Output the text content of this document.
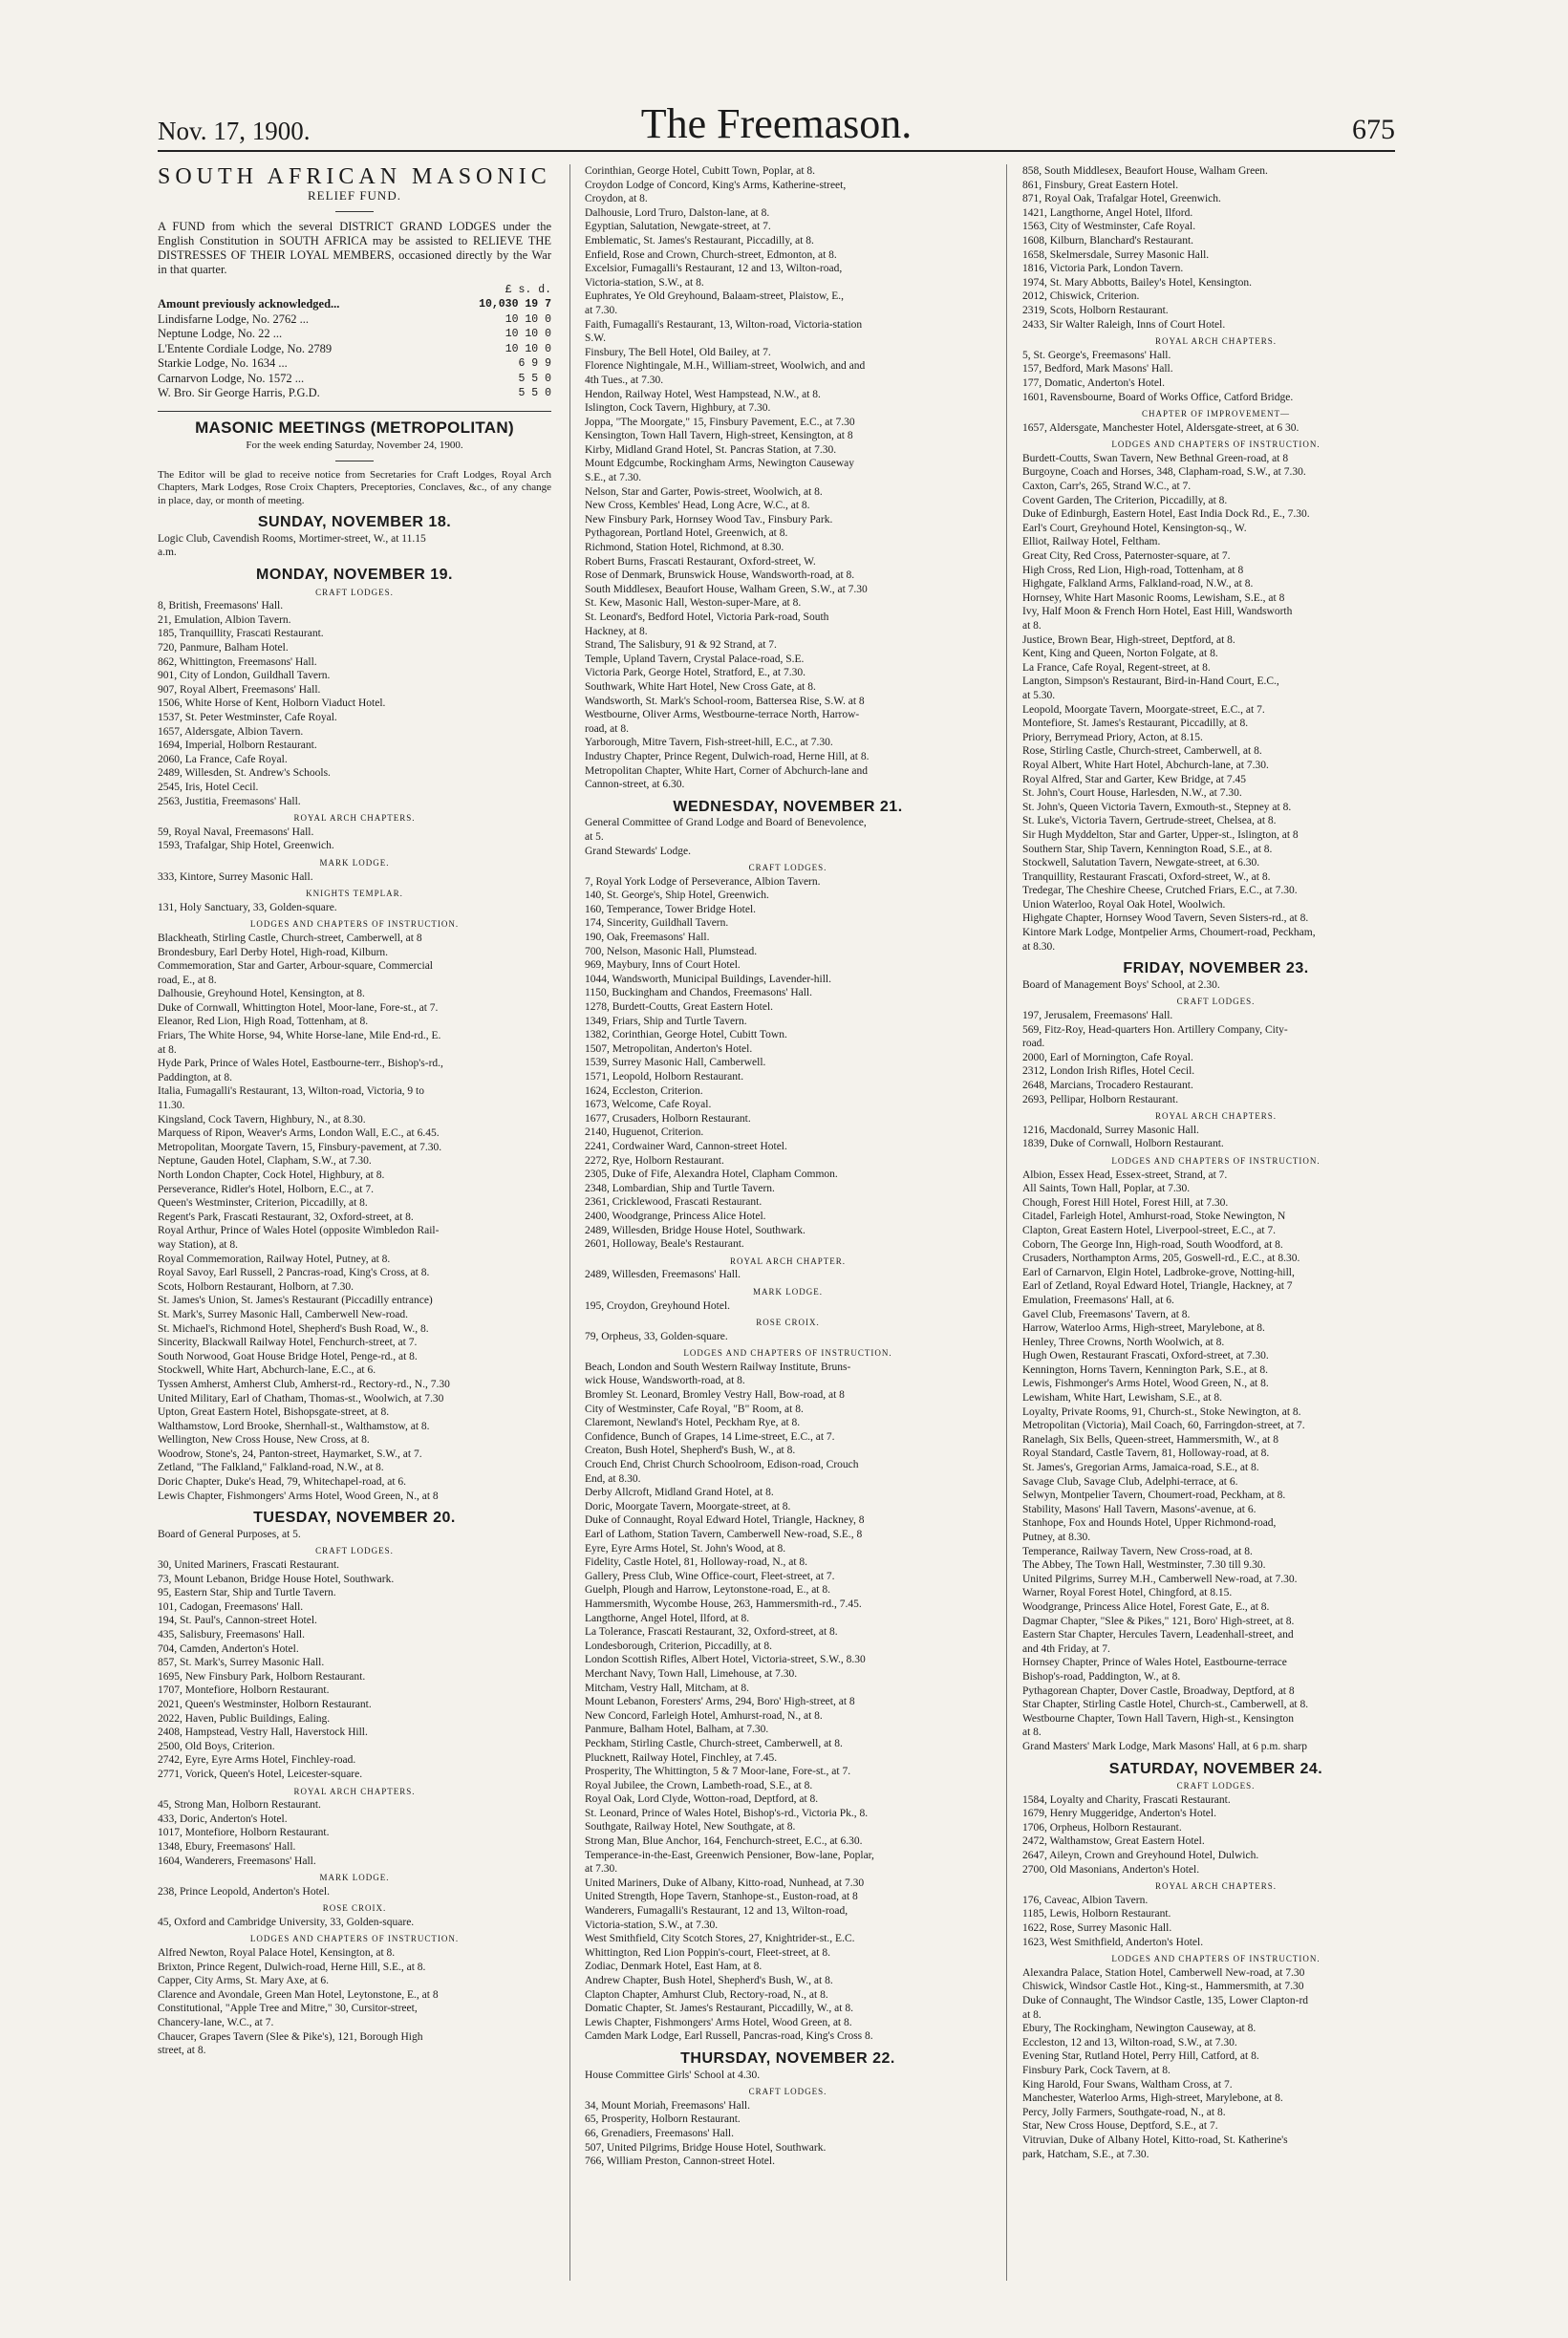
Nov. 17, 1900.	The Freemason.	675
SOUTH AFRICAN MASONIC
RELIEF FUND.
A FUND from which the several DISTRICT GRAND LODGES under the English Constitution in SOUTH AFRICA may be assisted to RELIEVE THE DISTRESSES OF THEIR LOYAL MEMBERS, occasioned directly by the War in that quarter.
£ s. d.
Amount previously acknowledged...	10,030 19 7
Lindisfarne Lodge, No. 2762 ...	10 10 0
Neptune Lodge, No. 22 ...	10 10 0
L'Entente Cordiale Lodge, No. 2789	10 10 0
Starkie Lodge, No. 1634 ...	6 9 9
Carnarvon Lodge, No. 1572 ...	5 5 0
W. Bro. Sir George Harris, P.G.D.	5 5 0
MASONIC MEETINGS (METROPOLITAN)
For the week ending Saturday, November 24, 1900.
The Editor will be glad to receive notice from Secretaries for Craft Lodges, Royal Arch Chapters, Mark Lodges, Rose Croix Chapters, Preceptories, Conclaves, &c., of any change in place, day, or month of meeting.
SUNDAY, NOVEMBER 18.
Logic Club, Cavendish Rooms, Mortimer-street, W., at 11.15
a.m.
MONDAY, NOVEMBER 19.
CRAFT LODGES.
8, British, Freemasons' Hall.
21, Emulation, Albion Tavern.
185, Tranquillity, Frascati Restaurant.
720, Panmure, Balham Hotel.
862, Whittington, Freemasons' Hall.
901, City of London, Guildhall Tavern.
907, Royal Albert, Freemasons' Hall.
1506, White Horse of Kent, Holborn Viaduct Hotel.
1537, St. Peter Westminster, Cafe Royal.
1657, Aldersgate, Albion Tavern.
1694, Imperial, Holborn Restaurant.
2060, La France, Cafe Royal.
2489, Willesden, St. Andrew's Schools.
2545, Iris, Hotel Cecil.
2563, Justitia, Freemasons' Hall.
ROYAL ARCH CHAPTERS.
59, Royal Naval, Freemasons' Hall.
1593, Trafalgar, Ship Hotel, Greenwich.
MARK LODGE.
333, Kintore, Surrey Masonic Hall.
KNIGHTS TEMPLAR.
131, Holy Sanctuary, 33, Golden-square.
LODGES AND CHAPTERS OF INSTRUCTION.
Blackheath, Stirling Castle, Church-street, Camberwell, at 8
Brondesbury, Earl Derby Hotel, High-road, Kilburn.
Commemoration, Star and Garter, Arbour-square, Commercial
road, E., at 8.
Dalhousie, Greyhound Hotel, Kensington, at 8.
Duke of Cornwall, Whittington Hotel, Moor-lane, Fore-st., at 7.
Eleanor, Red Lion, High Road, Tottenham, at 8.
Friars, The White Horse, 94, White Horse-lane, Mile End-rd., E.
at 8.
Hyde Park, Prince of Wales Hotel, Eastbourne-terr., Bishop's-rd.,
Paddington, at 8.
Italia, Fumagalli's Restaurant, 13, Wilton-road, Victoria, 9 to
11.30.
Kingsland, Cock Tavern, Highbury, N., at 8.30.
Marquess of Ripon, Weaver's Arms, London Wall, E.C., at 6.45.
Metropolitan, Moorgate Tavern, 15, Finsbury-pavement, at 7.30.
Neptune, Gauden Hotel, Clapham, S.W., at 7.30.
North London Chapter, Cock Hotel, Highbury, at 8.
Perseverance, Ridler's Hotel, Holborn, E.C., at 7.
Queen's Westminster, Criterion, Piccadilly, at 8.
Regent's Park, Frascati Restaurant, 32, Oxford-street, at 8.
Royal Arthur, Prince of Wales Hotel (opposite Wimbledon Rail-
way Station), at 8.
Royal Commemoration, Railway Hotel, Putney, at 8.
Royal Savoy, Earl Russell, 2 Pancras-road, King's Cross, at 8.
Scots, Holborn Restaurant, Holborn, at 7.30.
St. James's Union, St. James's Restaurant (Piccadilly entrance)
St. Mark's, Surrey Masonic Hall, Camberwell New-road.
St. Michael's, Richmond Hotel, Shepherd's Bush Road, W., 8.
Sincerity, Blackwall Railway Hotel, Fenchurch-street, at 7.
South Norwood, Goat House Bridge Hotel, Penge-rd., at 8.
Stockwell, White Hart, Abchurch-lane, E.C., at 6.
Tyssen Amherst, Amherst Club, Amherst-rd., Rectory-rd., N., 7.30
United Military, Earl of Chatham, Thomas-st., Woolwich, at 7.30
Upton, Great Eastern Hotel, Bishopsgate-street, at 8.
Walthamstow, Lord Brooke, Shernhall-st., Walthamstow, at 8.
Wellington, New Cross House, New Cross, at 8.
Woodrow, Stone's, 24, Panton-street, Haymarket, S.W., at 7.
Zetland, "The Falkland," Falkland-road, N.W., at 8.
Doric Chapter, Duke's Head, 79, Whitechapel-road, at 6.
Lewis Chapter, Fishmongers' Arms Hotel, Wood Green, N., at 8
TUESDAY, NOVEMBER 20.
Board of General Purposes, at 5.
CRAFT LODGES.
30, United Mariners, Frascati Restaurant.
73, Mount Lebanon, Bridge House Hotel, Southwark.
95, Eastern Star, Ship and Turtle Tavern.
101, Cadogan, Freemasons' Hall.
194, St. Paul's, Cannon-street Hotel.
435, Salisbury, Freemasons' Hall.
704, Camden, Anderton's Hotel.
857, St. Mark's, Surrey Masonic Hall.
1695, New Finsbury Park, Holborn Restaurant.
1707, Montefiore, Holborn Restaurant.
2021, Queen's Westminster, Holborn Restaurant.
2022, Haven, Public Buildings, Ealing.
2408, Hampstead, Vestry Hall, Haverstock Hill.
2500, Old Boys, Criterion.
2742, Eyre, Eyre Arms Hotel, Finchley-road.
2771, Vorick, Queen's Hotel, Leicester-square.
ROYAL ARCH CHAPTERS.
45, Strong Man, Holborn Restaurant.
433, Doric, Anderton's Hotel.
1017, Montefiore, Holborn Restaurant.
1348, Ebury, Freemasons' Hall.
1604, Wanderers, Freemasons' Hall.
MARK LODGE.
238, Prince Leopold, Anderton's Hotel.
ROSE CROIX.
45, Oxford and Cambridge University, 33, Golden-square.
LODGES AND CHAPTERS OF INSTRUCTION.
Alfred Newton, Royal Palace Hotel, Kensington, at 8.
Brixton, Prince Regent, Dulwich-road, Herne Hill, S.E., at 8.
Capper, City Arms, St. Mary Axe, at 6.
Clarence and Avondale, Green Man Hotel, Leytonstone, E., at 8
Constitutional, "Apple Tree and Mitre," 30, Cursitor-street,
Chancery-lane, W.C., at 7.
Chaucer, Grapes Tavern (Slee & Pike's), 121, Borough High
street, at 8.
Corinthian, George Hotel, Cubitt Town, Poplar, at 8.
Croydon Lodge of Concord, King's Arms, Katherine-street,
Croydon, at 8.
Dalhousie, Lord Truro, Dalston-lane, at 8.
Egyptian, Salutation, Newgate-street, at 7.
Emblematic, St. James's Restaurant, Piccadilly, at 8.
Enfield, Rose and Crown, Church-street, Edmonton, at 8.
Excelsior, Fumagalli's Restaurant, 12 and 13, Wilton-road,
Victoria-station, S.W., at 8.
Euphrates, Ye Old Greyhound, Balaam-street, Plaistow, E.,
at 7.30.
Faith, Fumagalli's Restaurant, 13, Wilton-road, Victoria-station
S.W.
Finsbury, The Bell Hotel, Old Bailey, at 7.
Florence Nightingale, M.H., William-street, Woolwich, and and
4th Tues., at 7.30.
Hendon, Railway Hotel, West Hampstead, N.W., at 8.
Islington, Cock Tavern, Highbury, at 7.30.
Joppa, "The Moorgate," 15, Finsbury Pavement, E.C., at 7.30
Kensington, Town Hall Tavern, High-street, Kensington, at 8
Kirby, Midland Grand Hotel, St. Pancras Station, at 7.30.
Mount Edgcumbe, Rockingham Arms, Newington Causeway
S.E., at 7.30.
Nelson, Star and Garter, Powis-street, Woolwich, at 8.
New Cross, Kembles' Head, Long Acre, W.C., at 8.
New Finsbury Park, Hornsey Wood Tav., Finsbury Park.
Pythagorean, Portland Hotel, Greenwich, at 8.
Richmond, Station Hotel, Richmond, at 8.30.
Robert Burns, Frascati Restaurant, Oxford-street, W.
Rose of Denmark, Brunswick House, Wandsworth-road, at 8.
South Middlesex, Beaufort House, Walham Green, S.W., at 7.30
St. Kew, Masonic Hall, Weston-super-Mare, at 8.
St. Leonard's, Bedford Hotel, Victoria Park-road, South
Hackney, at 8.
Strand, The Salisbury, 91 & 92 Strand, at 7.
Temple, Upland Tavern, Crystal Palace-road, S.E.
Victoria Park, George Hotel, Stratford, E., at 7.30.
Southwark, White Hart Hotel, New Cross Gate, at 8.
Wandsworth, St. Mark's School-room, Battersea Rise, S.W. at 8
Westbourne, Oliver Arms, Westbourne-terrace North, Harrow-
road, at 8.
Yarborough, Mitre Tavern, Fish-street-hill, E.C., at 7.30.
Industry Chapter, Prince Regent, Dulwich-road, Herne Hill, at 8.
Metropolitan Chapter, White Hart, Corner of Abchurch-lane and
Cannon-street, at 6.30.
WEDNESDAY, NOVEMBER 21.
General Committee of Grand Lodge and Board of Benevolence,
at 5.
Grand Stewards' Lodge.
CRAFT LODGES.
7, Royal York Lodge of Perseverance, Albion Tavern.
140, St. George's, Ship Hotel, Greenwich.
160, Temperance, Tower Bridge Hotel.
174, Sincerity, Guildhall Tavern.
190, Oak, Freemasons' Hall.
700, Nelson, Masonic Hall, Plumstead.
969, Maybury, Inns of Court Hotel.
1044, Wandsworth, Municipal Buildings, Lavender-hill.
1150, Buckingham and Chandos, Freemasons' Hall.
1278, Burdett-Coutts, Great Eastern Hotel.
1349, Friars, Ship and Turtle Tavern.
1382, Corinthian, George Hotel, Cubitt Town.
1507, Metropolitan, Anderton's Hotel.
1539, Surrey Masonic Hall, Camberwell.
1571, Leopold, Holborn Restaurant.
1624, Eccleston, Criterion.
1673, Welcome, Cafe Royal.
1677, Crusaders, Holborn Restaurant.
2140, Huguenot, Criterion.
2241, Cordwainer Ward, Cannon-street Hotel.
2272, Rye, Holborn Restaurant.
2305, Duke of Fife, Alexandra Hotel, Clapham Common.
2348, Lombardian, Ship and Turtle Tavern.
2361, Cricklewood, Frascati Restaurant.
2400, Woodgrange, Princess Alice Hotel.
2489, Willesden, Bridge House Hotel, Southwark.
2601, Holloway, Beale's Restaurant.
ROYAL ARCH CHAPTER.
2489, Willesden, Freemasons' Hall.
MARK LODGE.
195, Croydon, Greyhound Hotel.
ROSE CROIX.
79, Orpheus, 33, Golden-square.
LODGES AND CHAPTERS OF INSTRUCTION.
Beach, London and South Western Railway Institute, Bruns-
wick House, Wandsworth-road, at 8.
Bromley St. Leonard, Bromley Vestry Hall, Bow-road, at 8
City of Westminster, Cafe Royal, "B" Room, at 8.
Claremont, Newland's Hotel, Peckham Rye, at 8.
Confidence, Bunch of Grapes, 14 Lime-street, E.C., at 7.
Creaton, Bush Hotel, Shepherd's Bush, W., at 8.
Crouch End, Christ Church Schoolroom, Edison-road, Crouch
End, at 8.30.
Derby Allcroft, Midland Grand Hotel, at 8.
Doric, Moorgate Tavern, Moorgate-street, at 8.
Duke of Connaught, Royal Edward Hotel, Triangle, Hackney, 8
Earl of Lathom, Station Tavern, Camberwell New-road, S.E., 8
Eyre, Eyre Arms Hotel, St. John's Wood, at 8.
Fidelity, Castle Hotel, 81, Holloway-road, N., at 8.
Gallery, Press Club, Wine Office-court, Fleet-street, at 7.
Guelph, Plough and Harrow, Leytonstone-road, E., at 8.
Hammersmith, Wycombe House, 263, Hammersmith-rd., 7.45.
Langthorne, Angel Hotel, Ilford, at 8.
La Tolerance, Frascati Restaurant, 32, Oxford-street, at 8.
Londesborough, Criterion, Piccadilly, at 8.
London Scottish Rifles, Albert Hotel, Victoria-street, S.W., 8.30
Merchant Navy, Town Hall, Limehouse, at 7.30.
Mitcham, Vestry Hall, Mitcham, at 8.
Mount Lebanon, Foresters' Arms, 294, Boro' High-street, at 8
New Concord, Farleigh Hotel, Amhurst-road, N., at 8.
Panmure, Balham Hotel, Balham, at 7.30.
Peckham, Stirling Castle, Church-street, Camberwell, at 8.
Plucknett, Railway Hotel, Finchley, at 7.45.
Prosperity, The Whittington, 5 & 7 Moor-lane, Fore-st., at 7.
Royal Jubilee, the Crown, Lambeth-road, S.E., at 8.
Royal Oak, Lord Clyde, Wotton-road, Deptford, at 8.
St. Leonard, Prince of Wales Hotel, Bishop's-rd., Victoria Pk., 8.
Southgate, Railway Hotel, New Southgate, at 8.
Strong Man, Blue Anchor, 164, Fenchurch-street, E.C., at 6.30.
Temperance-in-the-East, Greenwich Pensioner, Bow-lane, Poplar,
at 7.30.
United Mariners, Duke of Albany, Kitto-road, Nunhead, at 7.30
United Strength, Hope Tavern, Stanhope-st., Euston-road, at 8
Wanderers, Fumagalli's Restaurant, 12 and 13, Wilton-road,
Victoria-station, S.W., at 7.30.
West Smithfield, City Scotch Stores, 27, Knightrider-st., E.C.
Whittington, Red Lion Poppin's-court, Fleet-street, at 8.
Zodiac, Denmark Hotel, East Ham, at 8.
Andrew Chapter, Bush Hotel, Shepherd's Bush, W., at 8.
Clapton Chapter, Amhurst Club, Rectory-road, N., at 8.
Domatic Chapter, St. James's Restaurant, Piccadilly, W., at 8.
Lewis Chapter, Fishmongers' Arms Hotel, Wood Green, at 8.
Camden Mark Lodge, Earl Russell, Pancras-road, King's Cross 8.
THURSDAY, NOVEMBER 22.
House Committee Girls' School at 4.30.
CRAFT LODGES.
34, Mount Moriah, Freemasons' Hall.
65, Prosperity, Holborn Restaurant.
66, Grenadiers, Freemasons' Hall.
507, United Pilgrims, Bridge House Hotel, Southwark.
766, William Preston, Cannon-street Hotel.
858, South Middlesex, Beaufort House, Walham Green.
861, Finsbury, Great Eastern Hotel.
871, Royal Oak, Trafalgar Hotel, Greenwich.
1421, Langthorne, Angel Hotel, Ilford.
1563, City of Westminster, Cafe Royal.
1608, Kilburn, Blanchard's Restaurant.
1658, Skelmersdale, Surrey Masonic Hall.
1816, Victoria Park, London Tavern.
1974, St. Mary Abbotts, Bailey's Hotel, Kensington.
2012, Chiswick, Criterion.
2319, Scots, Holborn Restaurant.
2433, Sir Walter Raleigh, Inns of Court Hotel.
ROYAL ARCH CHAPTERS.
5, St. George's, Freemasons' Hall.
157, Bedford, Mark Masons' Hall.
177, Domatic, Anderton's Hotel.
1601, Ravensbourne, Board of Works Office, Catford Bridge.
CHAPTER OF IMPROVEMENT—
1657, Aldersgate, Manchester Hotel, Aldersgate-street, at 6 30.
LODGES AND CHAPTERS OF INSTRUCTION.
Burdett-Coutts, Swan Tavern, New Bethnal Green-road, at 8
Burgoyne, Coach and Horses, 348, Clapham-road, S.W., at 7.30.
Caxton, Carr's, 265, Strand W.C., at 7.
Covent Garden, The Criterion, Piccadilly, at 8.
Duke of Edinburgh, Eastern Hotel, East India Dock Rd., E., 7.30.
Earl's Court, Greyhound Hotel, Kensington-sq., W.
Elliot, Railway Hotel, Feltham.
Great City, Red Cross, Paternoster-square, at 7.
High Cross, Red Lion, High-road, Tottenham, at 8
Highgate, Falkland Arms, Falkland-road, N.W., at 8.
Hornsey, White Hart Masonic Rooms, Lewisham, S.E., at 8
Ivy, Half Moon & French Horn Hotel, East Hill, Wandsworth
at 8.
Justice, Brown Bear, High-street, Deptford, at 8.
Kent, King and Queen, Norton Folgate, at 8.
La France, Cafe Royal, Regent-street, at 8.
Langton, Simpson's Restaurant, Bird-in-Hand Court, E.C.,
at 5.30.
Leopold, Moorgate Tavern, Moorgate-street, E.C., at 7.
Montefiore, St. James's Restaurant, Piccadilly, at 8.
Priory, Berrymead Priory, Acton, at 8.15.
Rose, Stirling Castle, Church-street, Camberwell, at 8.
Royal Albert, White Hart Hotel, Abchurch-lane, at 7.30.
Royal Alfred, Star and Garter, Kew Bridge, at 7.45
St. John's, Court House, Harlesden, N.W., at 7.30.
St. John's, Queen Victoria Tavern, Exmouth-st., Stepney at 8.
St. Luke's, Victoria Tavern, Gertrude-street, Chelsea, at 8.
Sir Hugh Myddelton, Star and Garter, Upper-st., Islington, at 8
Southern Star, Ship Tavern, Kennington Road, S.E., at 8.
Stockwell, Salutation Tavern, Newgate-street, at 6.30.
Tranquillity, Restaurant Frascati, Oxford-street, W., at 8.
Tredegar, The Cheshire Cheese, Crutched Friars, E.C., at 7.30.
Union Waterloo, Royal Oak Hotel, Woolwich.
Highgate Chapter, Hornsey Wood Tavern, Seven Sisters-rd., at 8.
Kintore Mark Lodge, Montpelier Arms, Choumert-road, Peckham,
at 8.30.
FRIDAY, NOVEMBER 23.
Board of Management Boys' School, at 2.30.
CRAFT LODGES.
197, Jerusalem, Freemasons' Hall.
569, Fitz-Roy, Head-quarters Hon. Artillery Company, City-
road.
2000, Earl of Mornington, Cafe Royal.
2312, London Irish Rifles, Hotel Cecil.
2648, Marcians, Trocadero Restaurant.
2693, Pellipar, Holborn Restaurant.
ROYAL ARCH CHAPTERS.
1216, Macdonald, Surrey Masonic Hall.
1839, Duke of Cornwall, Holborn Restaurant.
LODGES AND CHAPTERS OF INSTRUCTION.
Albion, Essex Head, Essex-street, Strand, at 7.
All Saints, Town Hall, Poplar, at 7.30.
Chough, Forest Hill Hotel, Forest Hill, at 7.30.
Citadel, Farleigh Hotel, Amhurst-road, Stoke Newington, N
Clapton, Great Eastern Hotel, Liverpool-street, E.C., at 7.
Coborn, The George Inn, High-road, South Woodford, at 8.
Crusaders, Northampton Arms, 205, Goswell-rd., E.C., at 8.30.
Earl of Carnarvon, Elgin Hotel, Ladbroke-grove, Notting-hill,
Earl of Zetland, Royal Edward Hotel, Triangle, Hackney, at 7
Emulation, Freemasons' Hall, at 6.
Gavel Club, Freemasons' Tavern, at 8.
Harrow, Waterloo Arms, High-street, Marylebone, at 8.
Henley, Three Crowns, North Woolwich, at 8.
Hugh Owen, Restaurant Frascati, Oxford-street, at 7.30.
Kennington, Horns Tavern, Kennington Park, S.E., at 8.
Lewis, Fishmonger's Arms Hotel, Wood Green, N., at 8.
Lewisham, White Hart, Lewisham, S.E., at 8.
Loyalty, Private Rooms, 91, Church-st., Stoke Newington, at 8.
Metropolitan (Victoria), Mail Coach, 60, Farringdon-street, at 7.
Ranelagh, Six Bells, Queen-street, Hammersmith, W., at 8
Royal Standard, Castle Tavern, 81, Holloway-road, at 8.
St. James's, Gregorian Arms, Jamaica-road, S.E., at 8.
Savage Club, Savage Club, Adelphi-terrace, at 6.
Selwyn, Montpelier Tavern, Choumert-road, Peckham, at 8.
Stability, Masons' Hall Tavern, Masons'-avenue, at 6.
Stanhope, Fox and Hounds Hotel, Upper Richmond-road,
Putney, at 8.30.
Temperance, Railway Tavern, New Cross-road, at 8.
The Abbey, The Town Hall, Westminster, 7.30 till 9.30.
United Pilgrims, Surrey M.H., Camberwell New-road, at 7.30.
Warner, Royal Forest Hotel, Chingford, at 8.15.
Woodgrange, Princess Alice Hotel, Forest Gate, E., at 8.
Dagmar Chapter, "Slee & Pikes," 121, Boro' High-street, at 8.
Eastern Star Chapter, Hercules Tavern, Leadenhall-street, and
and 4th Friday, at 7.
Hornsey Chapter, Prince of Wales Hotel, Eastbourne-terrace
Bishop's-road, Paddington, W., at 8.
Pythagorean Chapter, Dover Castle, Broadway, Deptford, at 8
Star Chapter, Stirling Castle Hotel, Church-st., Camberwell, at 8.
Westbourne Chapter, Town Hall Tavern, High-st., Kensington
at 8.
Grand Masters' Mark Lodge, Mark Masons' Hall, at 6 p.m. sharp
SATURDAY, NOVEMBER 24.
CRAFT LODGES.
1584, Loyalty and Charity, Frascati Restaurant.
1679, Henry Muggeridge, Anderton's Hotel.
1706, Orpheus, Holborn Restaurant.
2472, Walthamstow, Great Eastern Hotel.
2647, Aileyn, Crown and Greyhound Hotel, Dulwich.
2700, Old Masonians, Anderton's Hotel.
ROYAL ARCH CHAPTERS.
176, Caveac, Albion Tavern.
1185, Lewis, Holborn Restaurant.
1622, Rose, Surrey Masonic Hall.
1623, West Smithfield, Anderton's Hotel.
LODGES AND CHAPTERS OF INSTRUCTION.
Alexandra Palace, Station Hotel, Camberwell New-road, at 7.30
Chiswick, Windsor Castle Hot., King-st., Hammersmith, at 7.30
Duke of Connaught, The Windsor Castle, 135, Lower Clapton-rd
at 8.
Ebury, The Rockingham, Newington Causeway, at 8.
Eccleston, 12 and 13, Wilton-road, S.W., at 7.30.
Evening Star, Rutland Hotel, Perry Hill, Catford, at 8.
Finsbury Park, Cock Tavern, at 8.
King Harold, Four Swans, Waltham Cross, at 7.
Manchester, Waterloo Arms, High-street, Marylebone, at 8.
Percy, Jolly Farmers, Southgate-road, N., at 8.
Star, New Cross House, Deptford, S.E., at 7.
Vitruvian, Duke of Albany Hotel, Kitto-road, St. Katherine's
park, Hatcham, S.E., at 7.30.
